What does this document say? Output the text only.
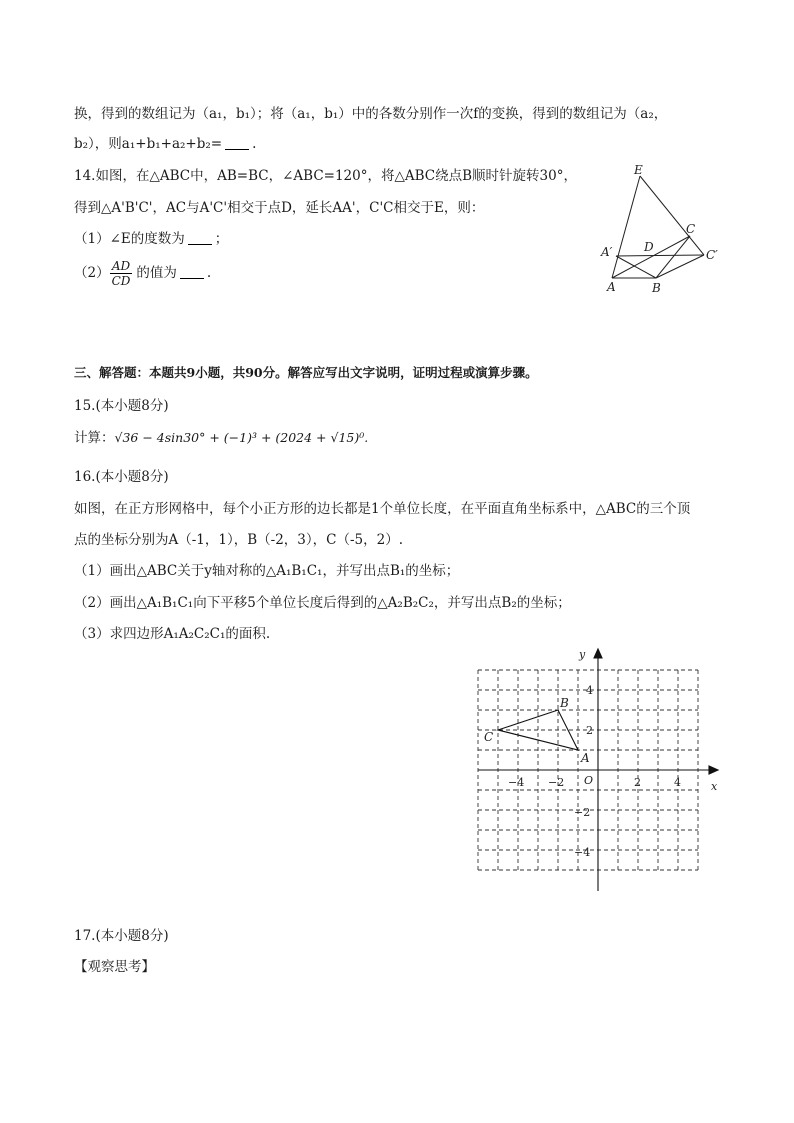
换，得到的数组记为（a₁，b₁）；将（a₁，b₁）中的各数分别作一次f的变换，得到的数组记为（a₂，
b₂），则a₁+b₁+a₂+b₂= .
14.如图，在△ABC中，AB=BC，∠ABC=120°，将△ABC绕点B顺时针旋转30°，
得到△A'B'C'，AC与A'C'相交于点D，延长AA'，C'C相交于E，则：
（1）∠E的度数为 ；
$(2) \frac{AD}{CD}$ 的值为 .
E
C
A′	D
C′
A	B
三、解答题：本题共9小题，共90分。解答应写出文字说明，证明过程或演算步骤。
15.(本小题8分)
计算：√36 − 4sin30° + (−1)³ + (2024 + √15)⁰.
16.(本小题8分)
如图，在正方形网格中，每个小正方形的边长都是1个单位长度，在平面直角坐标系中，△ABC的三个顶
点的坐标分别为A（-1，1），B（-2，3），C（-5，2）.
（1）画出△ABC关于y轴对称的△A₁B₁C₁，并写出点B₁的坐标；
（2）画出△A₁B₁C₁向下平移5个单位长度后得到的△A₂B₂C₂，并写出点B₂的坐标；
（3）求四边形A₁A₂C₂C₁的面积.
x
y
O
−4 −2	2	4
4
2
−2
−4
A
B
C
17.(本小题8分)
【观察思考】
